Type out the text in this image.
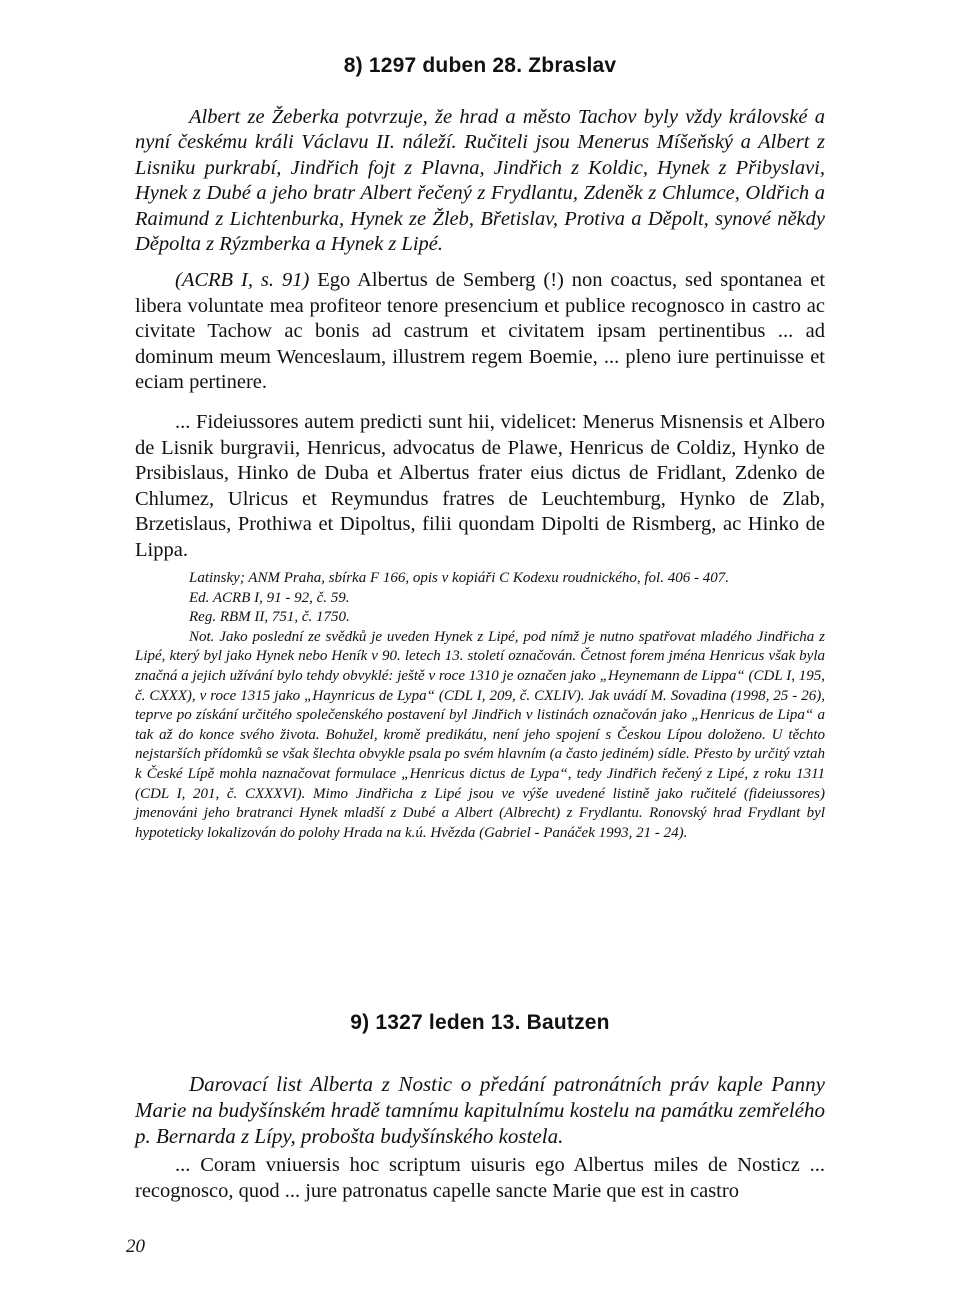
8) 1297 duben 28. Zbraslav
Albert ze Žeberka potvrzuje, že hrad a město Tachov byly vždy královské a nyní českému králi Václavu II. náleží. Ručiteli jsou Menerus Míšeňský a Albert z Lisniku purkrabí, Jindřich fojt z Plavna, Jindřich z Koldic, Hynek z Přibyslavi, Hynek z Dubé a jeho bratr Albert řečený z Frydlantu, Zdeněk z Chlumce, Oldřich a Raimund z Lichtenburka, Hynek ze Žleb, Břetislav, Protiva a Děpolt, synové někdy Děpolta z Rýzmberka a Hynek z Lipé.
(ACRB I, s. 91) Ego Albertus de Semberg (!) non coactus, sed spontanea et libera voluntate mea profiteor tenore presencium et publice recognosco in castro ac civitate Tachow ac bonis ad castrum et civitatem ipsam pertinentibus ... ad dominum meum Wenceslaum, illustrem regem Boemie, ... pleno iure pertinuisse et eciam pertinere.
... Fideiussores autem predicti sunt hii, videlicet: Menerus Misnensis et Albero de Lisnik burgravii, Henricus, advocatus de Plawe, Henricus de Coldiz, Hynko de Prsibislaus, Hinko de Duba et Albertus frater eius dictus de Fridlant, Zdenko de Chlumez, Ulricus et Reymundus fratres de Leuchtemburg, Hynko de Zlab, Brzetislaus, Prothiwa et Dipoltus, filii quondam Dipolti de Rismberg, ac Hinko de Lippa.
Latinsky; ANM Praha, sbírka F 166, opis v kopiáři C Kodexu roudnického, fol. 406 - 407.
Ed. ACRB I, 91 - 92, č. 59.
Reg. RBM II, 751, č. 1750.
Not. Jako poslední ze svědků je uveden Hynek z Lipé, pod nímž je nutno spatřovat mladého Jindřicha z Lipé, který byl jako Hynek nebo Heník v 90. letech 13. století označován. Četnost forem jména Henricus však byla značná a jejich užívání bylo tehdy obvyklé: ještě v roce 1310 je označen jako „Heynemann de Lippa“ (CDL I, 195, č. CXXX), v roce 1315 jako „Haynricus de Lypa“ (CDL I, 209, č. CXLIV). Jak uvádí M. Sovadina (1998, 25 - 26), teprve po získání určitého společenského postavení byl Jindřich v listinách označován jako „Henricus de Lipa“ a tak až do konce svého života. Bohužel, kromě predikátu, není jeho spojení s Českou Lípou doloženo. U těchto nejstarších přídomků se však šlechta obvykle psala po svém hlavním (a často jediném) sídle. Přesto by určitý vztah k České Lípě mohla naznačovat formulace „Henricus dictus de Lypa“, tedy Jindřich řečený z Lipé, z roku 1311 (CDL I, 201, č. CXXXVI). Mimo Jindřicha z Lipé jsou ve výše uvedené listině jako ručitelé (fideiussores) jmenováni jeho bratranci Hynek mladší z Dubé a Albert (Albrecht) z Frydlantu. Ronovský hrad Frydlant byl hypoteticky lokalizován do polohy Hrada na k.ú. Hvězda (Gabriel - Panáček 1993, 21 - 24).
9) 1327 leden 13. Bautzen
Darovací list Alberta z Nostic o předání patronátních práv kaple Panny Marie na budyšínském hradě tamnímu kapitulnímu kostelu na památku zemřelého p. Bernarda z Lípy, probošta budyšínského kostela.
... Coram vniuersis hoc scriptum uisuris ego Albertus miles de Nosticz ... recognosco, quod ... jure patronatus capelle sancte Marie que est in castro
20
